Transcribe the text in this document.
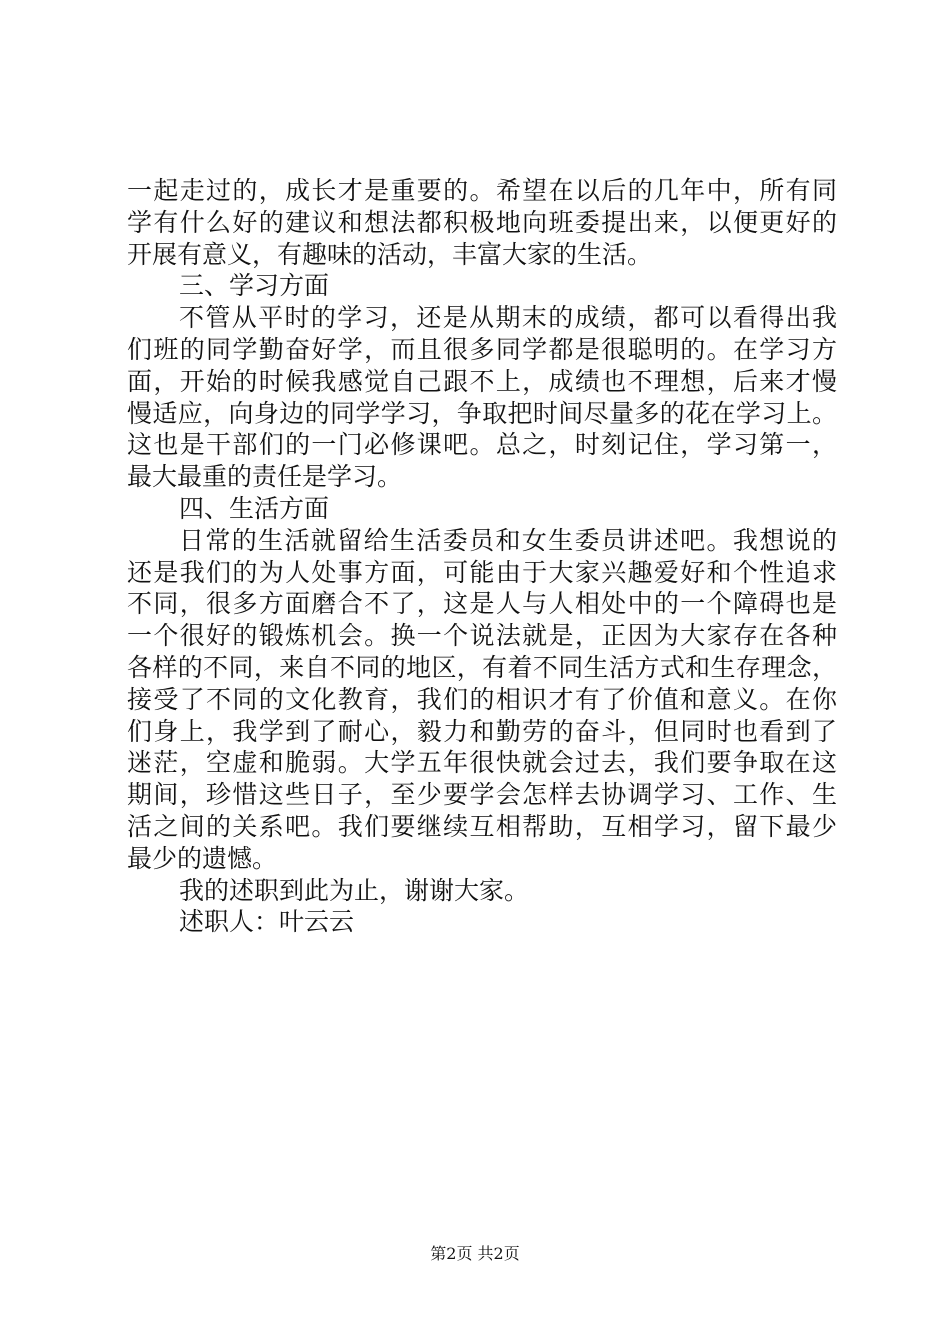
一起走过的，成长才是重要的。希望在以后的几年中，所有同
学有什么好的建议和想法都积极地向班委提出来，以便更好的
开展有意义，有趣味的活动，丰富大家的生活。
三、学习方面
不管从平时的学习，还是从期末的成绩，都可以看得出我
们班的同学勤奋好学，而且很多同学都是很聪明的。在学习方
面，开始的时候我感觉自己跟不上，成绩也不理想，后来才慢
慢适应，向身边的同学学习，争取把时间尽量多的花在学习上。
这也是干部们的一门必修课吧。总之，时刻记住，学习第一，
最大最重的责任是学习。
四、生活方面
日常的生活就留给生活委员和女生委员讲述吧。我想说的
还是我们的为人处事方面，可能由于大家兴趣爱好和个性追求
不同，很多方面磨合不了，这是人与人相处中的一个障碍也是
一个很好的锻炼机会。换一个说法就是，正因为大家存在各种
各样的不同，来自不同的地区，有着不同生活方式和生存理念，
接受了不同的文化教育，我们的相识才有了价值和意义。在你
们身上，我学到了耐心，毅力和勤劳的奋斗，但同时也看到了
迷茫，空虚和脆弱。大学五年很快就会过去，我们要争取在这
期间，珍惜这些日子，至少要学会怎样去协调学习、工作、生
活之间的关系吧。我们要继续互相帮助，互相学习，留下最少
最少的遗憾。
我的述职到此为止，谢谢大家。
述职人：叶云云
第2页 共2页
